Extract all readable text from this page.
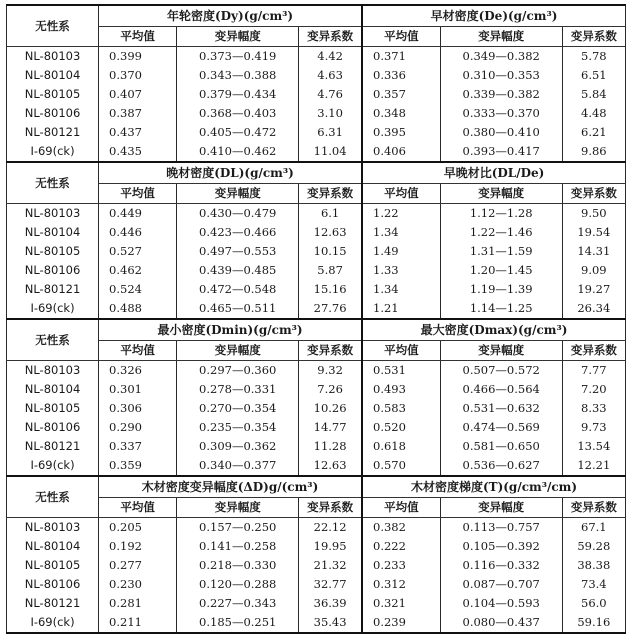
无性系	年轮密度(Dy)(g/cm³)			早材密度(De)(g/cm³)		
	平均值	变异幅度	变异系数	平均值	变异幅度	变异系数
NL-80103	0.399	0.373—0.419	4.42	0.371	0.349—0.382	5.78
NL-80104	0.370	0.343—0.388	4.63	0.336	0.310—0.353	6.51
NL-80105	0.407	0.379—0.434	4.76	0.357	0.339—0.382	5.84
NL-80106	0.387	0.368—0.403	3.10	0.348	0.333—0.370	4.48
NL-80121	0.437	0.405—0.472	6.31	0.395	0.380—0.410	6.21
I-69(ck)	0.435	0.410—0.462	11.04	0.406	0.393—0.417	9.86
无性系	晚材密度(DL)(g/cm³)			早晚材比(DL/De)		
	平均值	变异幅度	变异系数	平均值	变异幅度	变异系数
NL-80103	0.449	0.430—0.479	6.1	1.22	1.12—1.28	9.50
NL-80104	0.446	0.423—0.466	12.63	1.34	1.22—1.46	19.54
NL-80105	0.527	0.497—0.553	10.15	1.49	1.31—1.59	14.31
NL-80106	0.462	0.439—0.485	5.87	1.33	1.20—1.45	9.09
NL-80121	0.524	0.472—0.548	15.16	1.34	1.19—1.39	19.27
I-69(ck)	0.488	0.465—0.511	27.76	1.21	1.14—1.25	26.34
无性系	最小密度(Dmin)(g/cm³)			最大密度(Dmax)(g/cm³)		
	平均值	变异幅度	变异系数	平均值	变异幅度	变异系数
NL-80103	0.326	0.297—0.360	9.32	0.531	0.507—0.572	7.77
NL-80104	0.301	0.278—0.331	7.26	0.493	0.466—0.564	7.20
NL-80105	0.306	0.270—0.354	10.26	0.583	0.531—0.632	8.33
NL-80106	0.290	0.235—0.354	14.77	0.520	0.474—0.569	9.73
NL-80121	0.337	0.309—0.362	11.28	0.618	0.581—0.650	13.54
I-69(ck)	0.359	0.340—0.377	12.63	0.570	0.536—0.627	12.21
无性系	木材密度变异幅度(ΔD)g/(cm³)			木材密度梯度(T)(g/cm³/cm)		
	平均值	变异幅度	变异系数	平均值	变异幅度	变异系数
NL-80103	0.205	0.157—0.250	22.12	0.382	0.113—0.757	67.1
NL-80104	0.192	0.141—0.258	19.95	0.222	0.105—0.392	59.28
NL-80105	0.277	0.218—0.330	21.32	0.233	0.116—0.332	38.38
NL-80106	0.230	0.120—0.288	32.77	0.312	0.087—0.707	73.4
NL-80121	0.281	0.227—0.343	36.39	0.321	0.104—0.593	56.0
I-69(ck)	0.211	0.185—0.251	35.43	0.239	0.080—0.437	59.16
